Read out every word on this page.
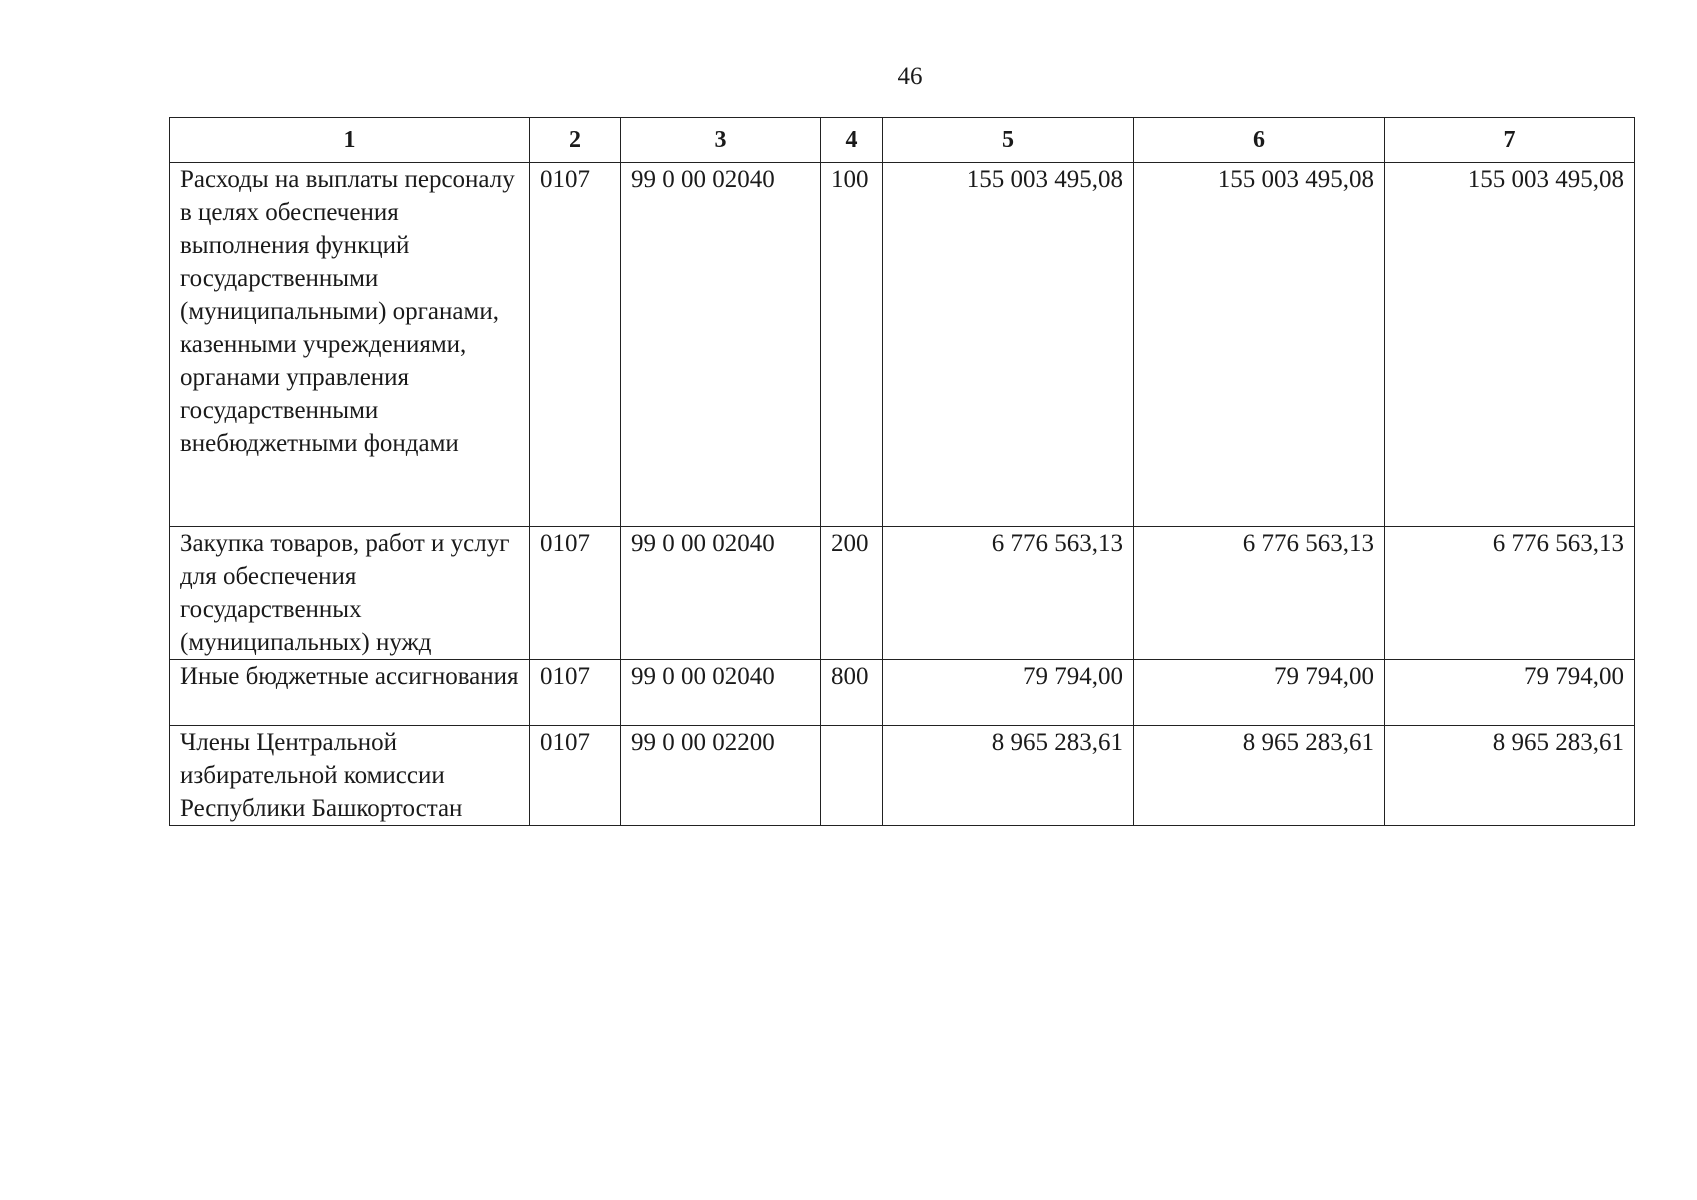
46
1	2	3	4	5	6	7
Расходы на выплаты персоналу в целях обеспечения выполнения функций государственными (муниципальными) органами, казенными учреждениями, органами управления государственными внебюджетными фондами	0107	99 0 00 02040	100	155 003 495,08	155 003 495,08	155 003 495,08
Закупка товаров, работ и услуг для обеспечения государственных (муниципальных) нужд	0107	99 0 00 02040	200	6 776 563,13	6 776 563,13	6 776 563,13
Иные бюджетные ассигнования	0107	99 0 00 02040	800	79 794,00	79 794,00	79 794,00
Члены Центральной избирательной комиссии Республики Башкортостан	0107	99 0 00 02200		8 965 283,61	8 965 283,61	8 965 283,61
